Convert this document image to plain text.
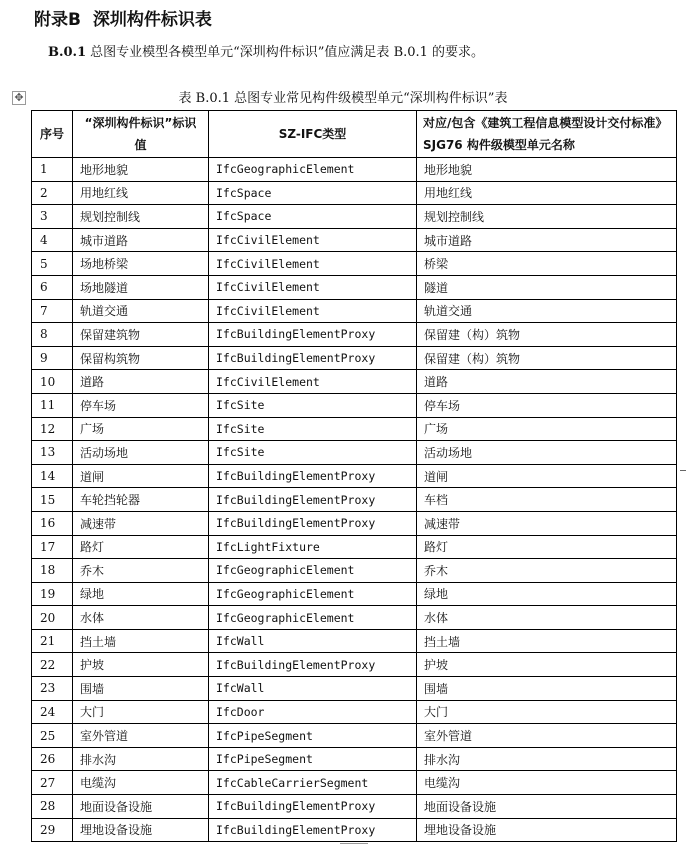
附录B 深圳构件标识表
B.0.1 总图专业模型各模型单元“深圳构件标识”值应满足表 B.0.1 的要求。
✥	表 B.0.1 总图专业常见构件级模型单元“深圳构件标识”表
序号	“深圳构件标识”标识值	SZ-IFC类型	对应/包含《建筑工程信息模型设计交付标准》SJG76 构件级模型单元名称
1	地形地貌	IfcGeographicElement	地形地貌
2	用地红线	IfcSpace	用地红线
3	规划控制线	IfcSpace	规划控制线
4	城市道路	IfcCivilElement	城市道路
5	场地桥梁	IfcCivilElement	桥梁
6	场地隧道	IfcCivilElement	隧道
7	轨道交通	IfcCivilElement	轨道交通
8	保留建筑物	IfcBuildingElementProxy	保留建（构）筑物
9	保留构筑物	IfcBuildingElementProxy	保留建（构）筑物
10	道路	IfcCivilElement	道路
11	停车场	IfcSite	停车场
12	广场	IfcSite	广场
13	活动场地	IfcSite	活动场地
14	道闸	IfcBuildingElementProxy	道闸
15	车轮挡轮器	IfcBuildingElementProxy	车档
16	减速带	IfcBuildingElementProxy	减速带
17	路灯	IfcLightFixture	路灯
18	乔木	IfcGeographicElement	乔木
19	绿地	IfcGeographicElement	绿地
20	水体	IfcGeographicElement	水体
21	挡土墙	IfcWall	挡土墙
22	护坡	IfcBuildingElementProxy	护坡
23	围墙	IfcWall	围墙
24	大门	IfcDoor	大门
25	室外管道	IfcPipeSegment	室外管道
26	排水沟	IfcPipeSegment	排水沟
27	电缆沟	IfcCableCarrierSegment	电缆沟
28	地面设备设施	IfcBuildingElementProxy	地面设备设施
29	埋地设备设施	IfcBuildingElementProxy	埋地设备设施
